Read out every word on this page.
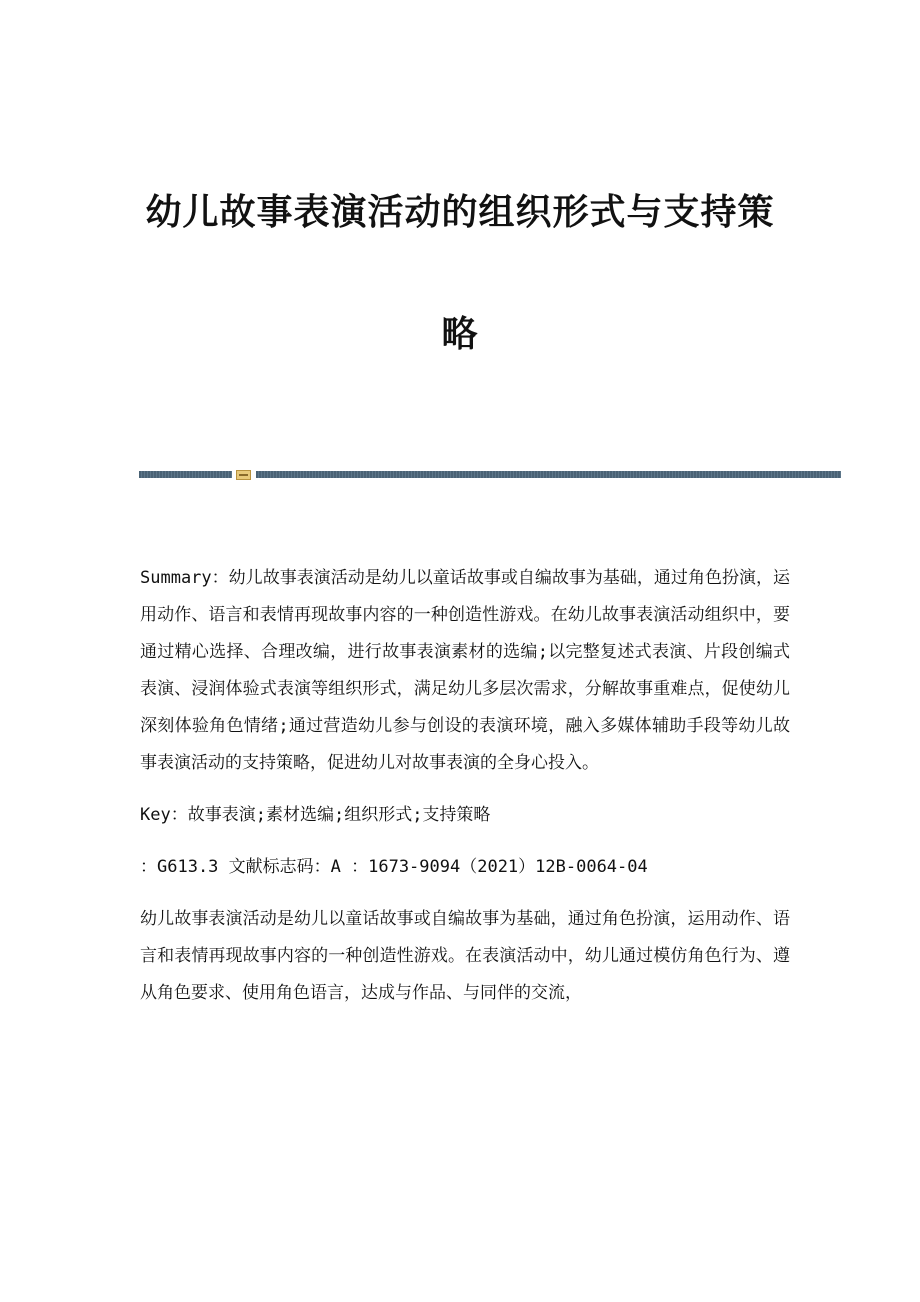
幼儿故事表演活动的组织形式与支持策

略

Summary：幼儿故事表演活动是幼儿以童话故事或自编故事为基础，通过角色扮演，运用动作、语言和表情再现故事内容的一种创造性游戏。在幼儿故事表演活动组织中，要通过精心选择、合理改编，进行故事表演素材的选编;以完整复述式表演、片段创编式表演、浸润体验式表演等组织形式，满足幼儿多层次需求，分解故事重难点，促使幼儿深刻体验角色情绪;通过营造幼儿参与创设的表演环境，融入多媒体辅助手段等幼儿故事表演活动的支持策略，促进幼儿对故事表演的全身心投入。

Key：故事表演;素材选编;组织形式;支持策略

：G613.3 文献标志码：A ：1673-9094（2021）12B-0064-04

幼儿故事表演活动是幼儿以童话故事或自编故事为基础，通过角色扮演，运用动作、语言和表情再现故事内容的一种创造性游戏。在表演活动中，幼儿通过模仿角色行为、遵从角色要求、使用角色语言，达成与作品、与同伴的交流，
